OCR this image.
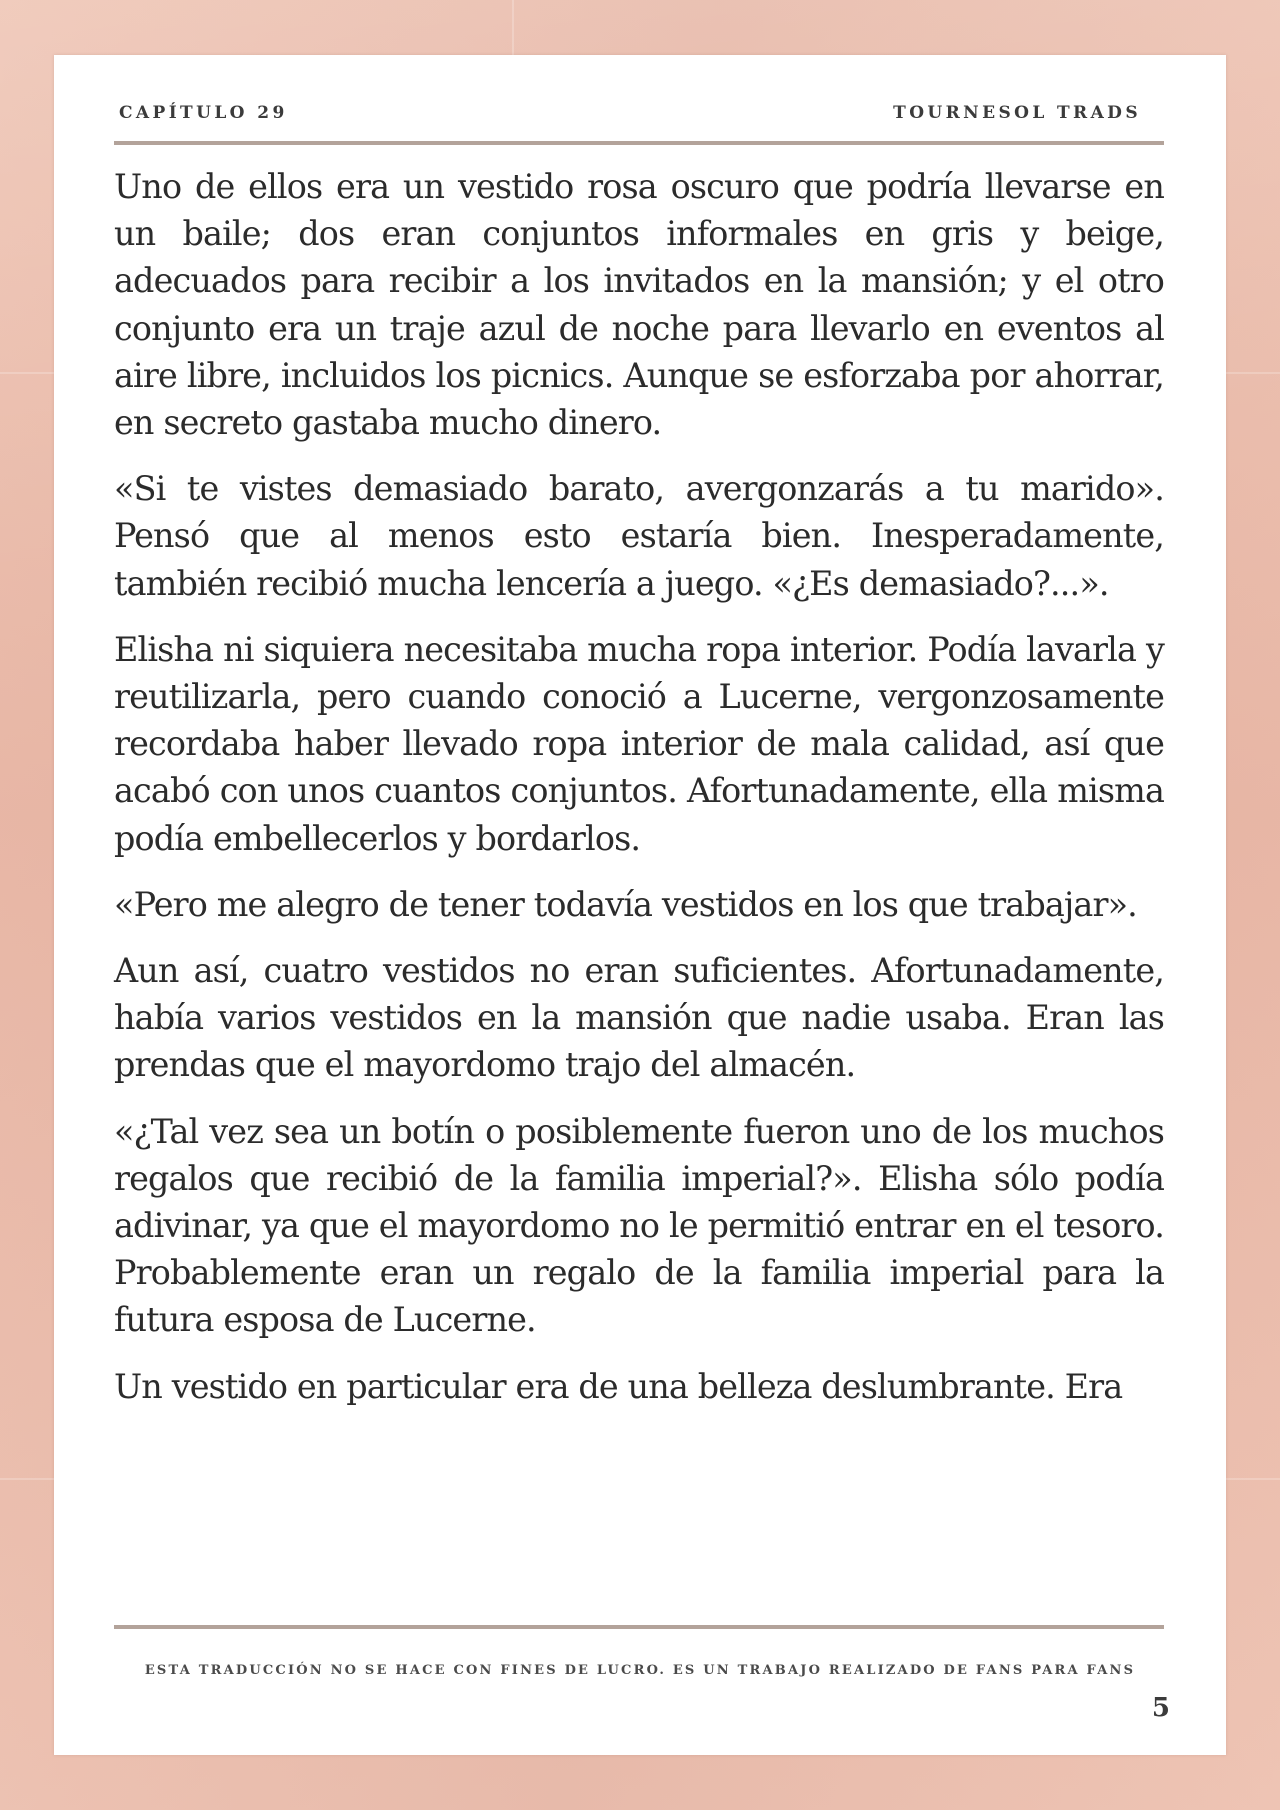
CAPÍTULO 29	TOURNESOL TRADS

Uno de ellos era un vestido rosa oscuro que podría llevarse en un baile; dos eran conjuntos informales en gris y beige, adecuados para recibir a los invitados en la mansión; y el otro conjunto era un traje azul de noche para llevarlo en eventos al aire libre, incluidos los picnics. Aunque se esforzaba por ahorrar, en secreto gastaba mucho dinero.

«Si te vistes demasiado barato, avergonzarás a tu marido». Pensó que al menos esto estaría bien. Inesperadamente, también recibió mucha lencería a juego. «¿Es demasiado?...».

Elisha ni siquiera necesitaba mucha ropa interior. Podía lavarla y reutilizarla, pero cuando conoció a Lucerne, vergonzosamente recordaba haber llevado ropa interior de mala calidad, así que acabó con unos cuantos conjuntos. Afortunadamente, ella misma podía embellecerlos y bordarlos.

«Pero me alegro de tener todavía vestidos en los que trabajar».

Aun así, cuatro vestidos no eran suficientes. Afortunadamente, había varios vestidos en la mansión que nadie usaba. Eran las prendas que el mayordomo trajo del almacén.

«¿Tal vez sea un botín o posiblemente fueron uno de los muchos regalos que recibió de la familia imperial?». Elisha sólo podía adivinar, ya que el mayordomo no le permitió entrar en el tesoro. Probablemente eran un regalo de la familia imperial para la futura esposa de Lucerne.

Un vestido en particular era de una belleza deslumbrante. Era

ESTA TRADUCCIÓN NO SE HACE CON FINES DE LUCRO. ES UN TRABAJO REALIZADO DE FANS PARA FANS
5
